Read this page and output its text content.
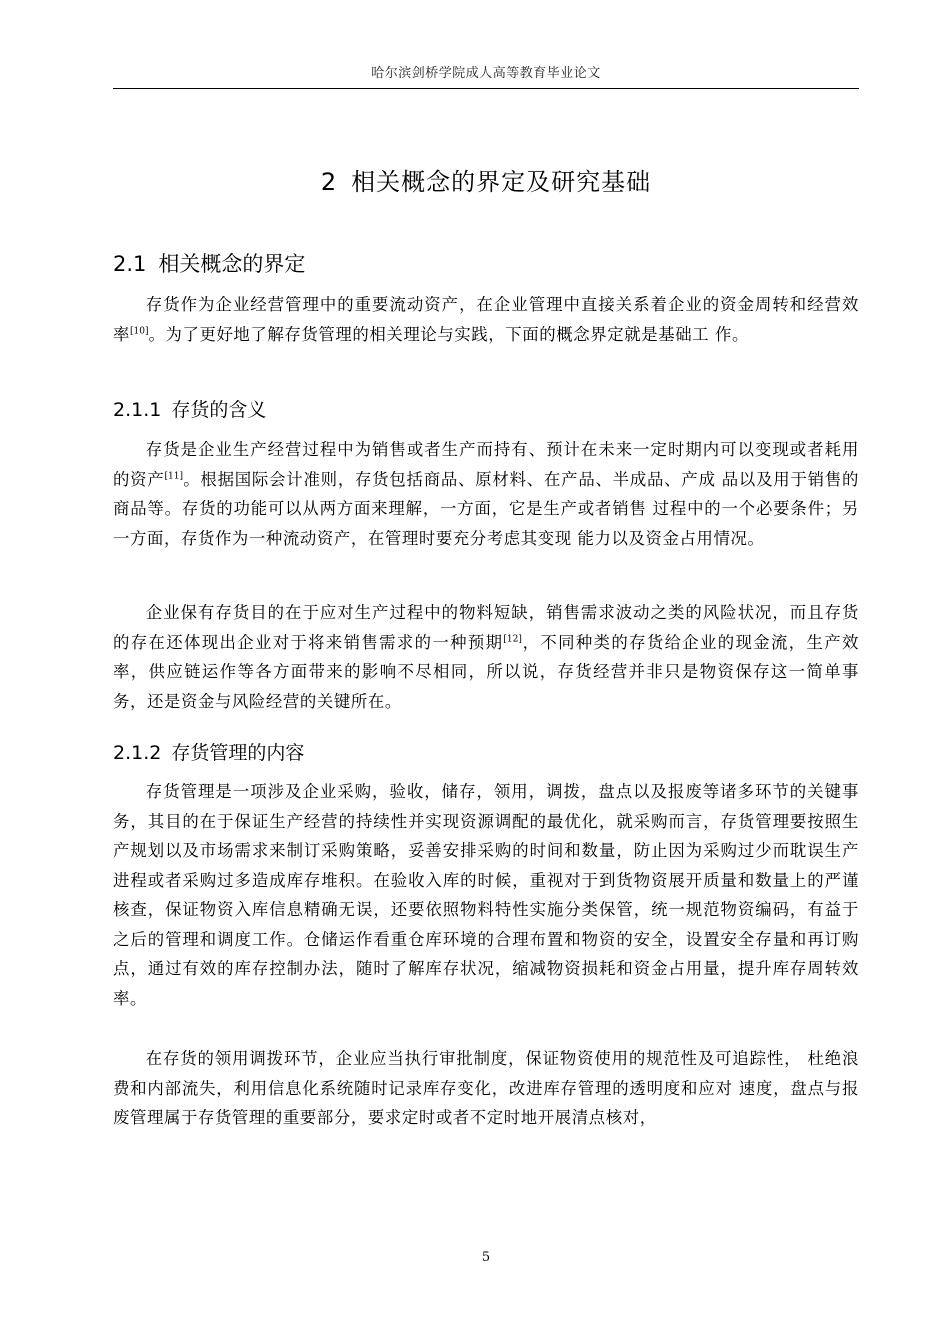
哈尔滨剑桥学院成人高等教育毕业论文
2 相关概念的界定及研究基础
2.1 相关概念的界定

存货作为企业经营管理中的重要流动资产，在企业管理中直接关系着企业的资金周转和经营效率[10]。为了更好地了解存货管理的相关理论与实践，下面的概念界定就是基础工 作。

2.1.1 存货的含义

存货是企业生产经营过程中为销售或者生产而持有、预计在未来一定时期内可以变现或者耗用的资产[11]。根据国际会计准则，存货包括商品、原材料、在产品、半成品、产成 品以及用于销售的商品等。存货的功能可以从两方面来理解，一方面，它是生产或者销售 过程中的一个必要条件；另一方面，存货作为一种流动资产，在管理时要充分考虑其变现 能力以及资金占用情况。

企业保有存货目的在于应对生产过程中的物料短缺，销售需求波动之类的风险状况，而且存货的存在还体现出企业对于将来销售需求的一种预期[12]，不同种类的存货给企业的现金流，生产效率，供应链运作等各方面带来的影响不尽相同，所以说，存货经营并非只是物资保存这一简单事务，还是资金与风险经营的关键所在。

2.1.2 存货管理的内容

存货管理是一项涉及企业采购，验收，储存，领用，调拨，盘点以及报废等诸多环节的关键事务，其目的在于保证生产经营的持续性并实现资源调配的最优化，就采购而言，存货管理要按照生产规划以及市场需求来制订采购策略，妥善安排采购的时间和数量，防止因为采购过少而耽误生产进程或者采购过多造成库存堆积。在验收入库的时候，重视对于到货物资展开质量和数量上的严谨核查，保证物资入库信息精确无误，还要依照物料特性实施分类保管，统一规范物资编码，有益于之后的管理和调度工作。仓储运作看重仓库环境的合理布置和物资的安全，设置安全存量和再订购点，通过有效的库存控制办法，随时了解库存状况，缩减物资损耗和资金占用量，提升库存周转效率。

在存货的领用调拨环节，企业应当执行审批制度，保证物资使用的规范性及可追踪性， 杜绝浪费和内部流失，利用信息化系统随时记录库存变化，改进库存管理的透明度和应对 速度，盘点与报废管理属于存货管理的重要部分，要求定时或者不定时地开展清点核对，

5
